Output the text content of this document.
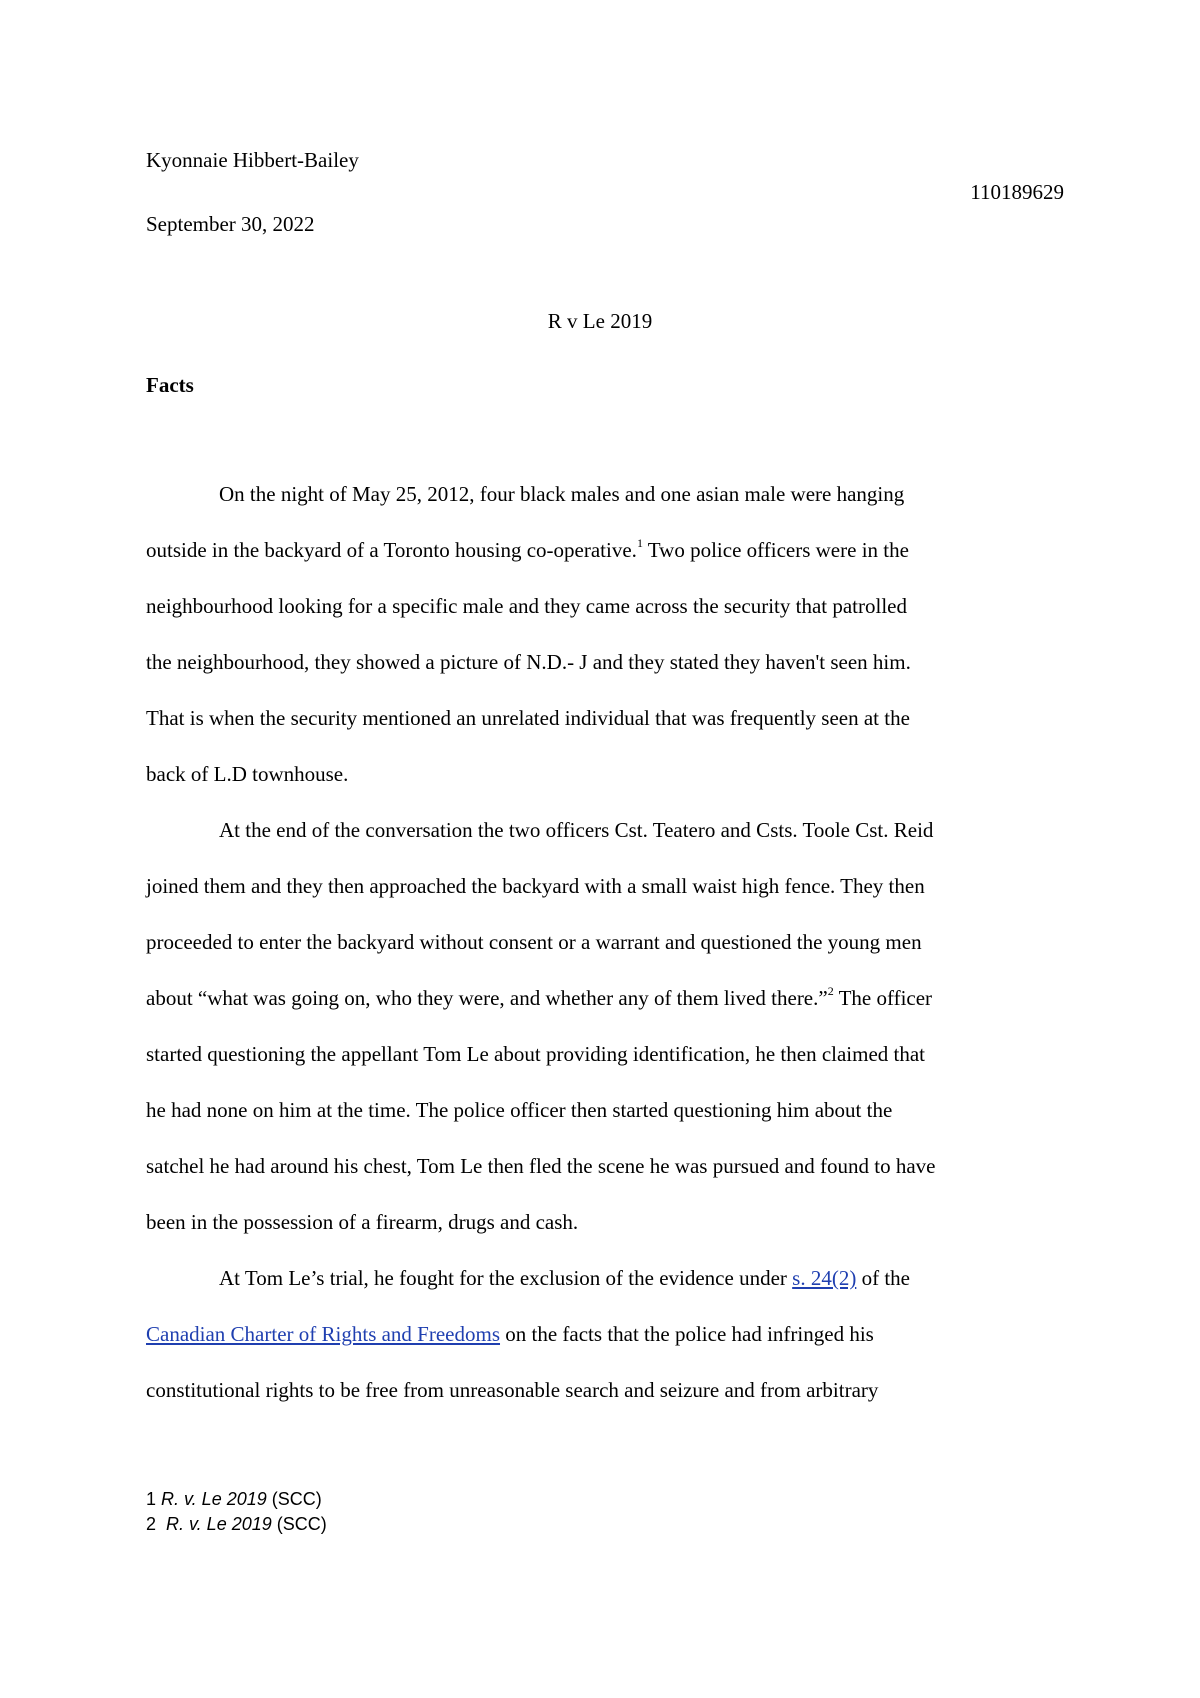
Kyonnaie Hibbert-Bailey
110189629
September 30, 2022
R v Le 2019
Facts
On the night of May 25, 2012, four black males and one asian male were hanging
outside in the backyard of a Toronto housing co-operative.$^1$ Two police officers were in the
neighbourhood looking for a specific male and they came across the security that patrolled
the neighbourhood, they showed a picture of N.D.- J and they stated they haven't seen him.
That is when the security mentioned an unrelated individual that was frequently seen at the
back of L.D townhouse.
At the end of the conversation the two officers Cst. Teatero and Csts. Toole Cst. Reid
joined them and they then approached the backyard with a small waist high fence. They then
proceeded to enter the backyard without consent or a warrant and questioned the young men
about “what was going on, who they were, and whether any of them lived there.”$^2$ The officer
started questioning the appellant Tom Le about providing identification, he then claimed that
he had none on him at the time. The police officer then started questioning him about the
satchel he had around his chest, Tom Le then fled the scene he was pursued and found to have
been in the possession of a firearm, drugs and cash.
At Tom Le’s trial, he fought for the exclusion of the evidence under s. 24(2) of the
Canadian Charter of Rights and Freedoms on the facts that the police had infringed his
constitutional rights to be free from unreasonable search and seizure and from arbitrary
1 R. v. Le 2019 (SCC)
2  R. v. Le 2019 (SCC)
